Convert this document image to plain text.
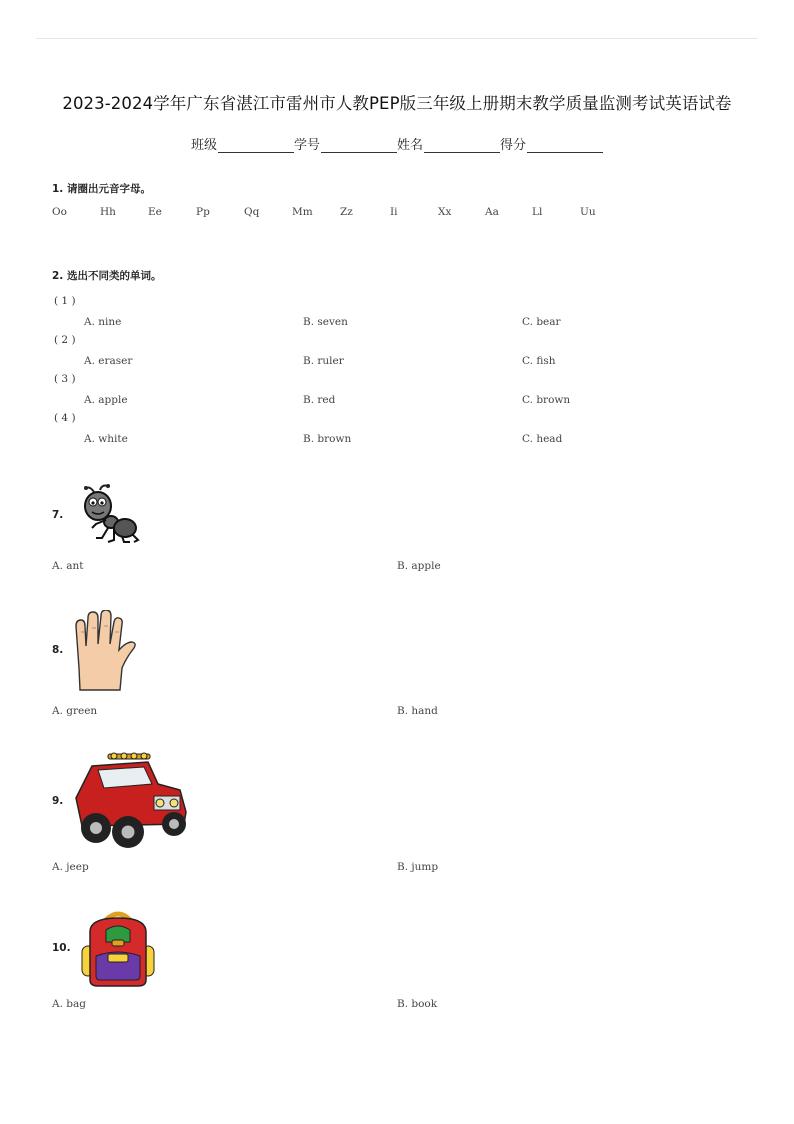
2023-2024学年广东省湛江市雷州市人教PEP版三年级上册期末教学质量监测考试英语试卷
班级	学号	姓名	得分
1. 请圈出元音字母。
Oo	Hh	Ee	Pp	Qq	Mm	Zz	Ii	Xx	Aa	Ll	Uu
2. 选出不同类的单词。
( 1 )
A. nine	B. seven	C. bear
( 2 )
A. eraser	B. ruler	C. fish
( 3 )
A. apple	B. red	C. brown
( 4 )
A. white	B. brown	C. head
7.
A. ant	B. apple
8.
A. green	B. hand
9.
A. jeep	B. jump
10.
A. bag	B. book
